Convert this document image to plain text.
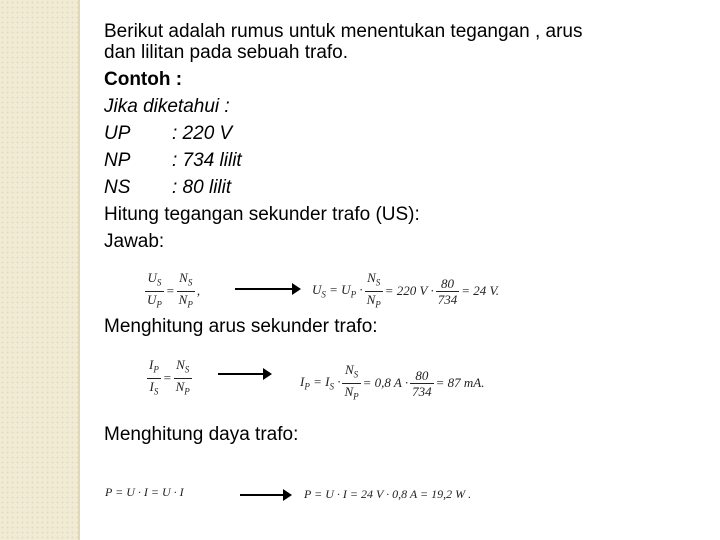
Berikut adalah rumus untuk menentukan tegangan , arus
dan lilitan pada sebuah trafo.
Contoh :
Jika diketahui :
UP : 220 V
NP : 734 lilit
NS : 80 lilit
Hitung tegangan sekunder trafo (US):
Jawab:
$\frac{U_S}{U_P} = \frac{N_S}{N_P}$ ,	$U_S = U_P \cdot \frac{N_S}{N_P} = 220$ $V \cdot \frac{80}{734} = 24$ V.
Menghitung arus sekunder trafo:
$\frac{I_P}{I_S} = \frac{N_S}{N_P}$	$I_P = I_S \cdot \frac{N_S}{N_P} = 0,8$ $A \cdot \frac{80}{734} = 87$ mA.
Menghitung daya trafo:
P = U · I = U · I	P = U · I = 24 V · 0,8 A = 19,2 W .
